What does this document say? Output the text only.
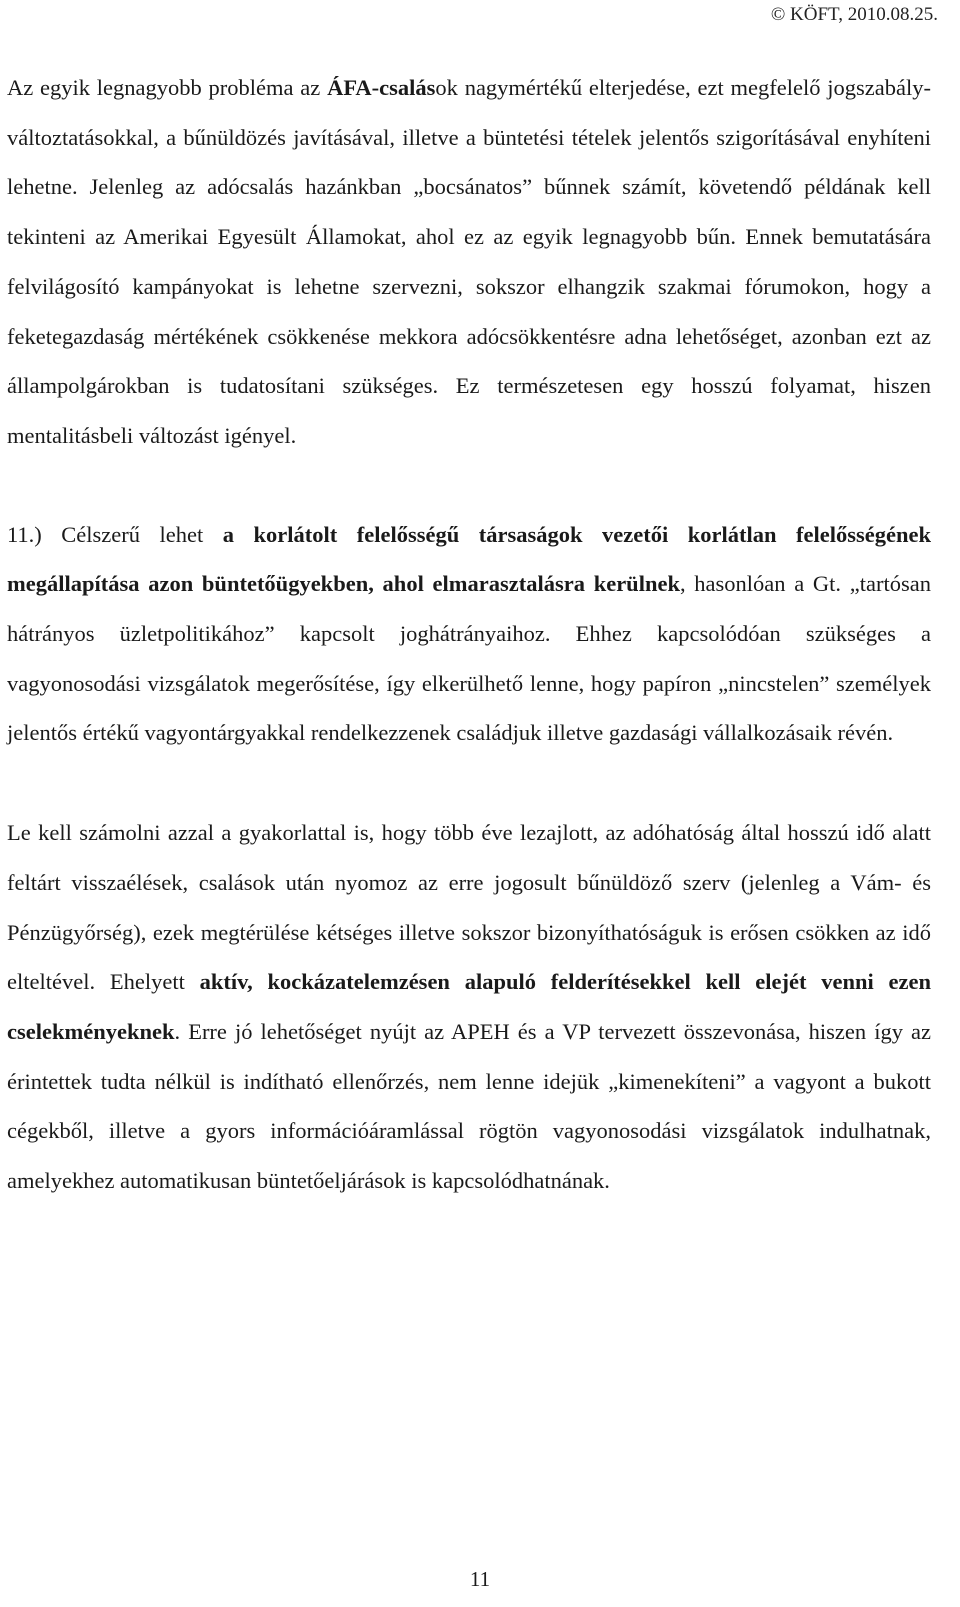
© KÖFT, 2010.08.25.

Az egyik legnagyobb probléma az ÁFA-csalások nagymértékű elterjedése, ezt megfelelő jogszabály-változtatásokkal, a bűnüldözés javításával, illetve a büntetési tételek jelentős szigorításával enyhíteni lehetne. Jelenleg az adócsalás hazánkban „bocsánatos” bűnnek számít, követendő példának kell tekinteni az Amerikai Egyesült Államokat, ahol ez az egyik legnagyobb bűn. Ennek bemutatására felvilágosító kampányokat is lehetne szervezni, sokszor elhangzik szakmai fórumokon, hogy a feketegazdaság mértékének csökkenése mekkora adócsökkentésre adna lehetőséget, azonban ezt az állampolgárokban is tudatosítani szükséges. Ez természetesen egy hosszú folyamat, hiszen mentalitásbeli változást igényel.

11.) Célszerű lehet a korlátolt felelősségű társaságok vezetői korlátlan felelősségének megállapítása azon büntetőügyekben, ahol elmarasztalásra kerülnek, hasonlóan a Gt. „tartósan hátrányos üzletpolitikához” kapcsolt joghátrányaihoz. Ehhez kapcsolódóan szükséges a vagyonosodási vizsgálatok megerősítése, így elkerülhető lenne, hogy papíron „nincstelen” személyek jelentős értékű vagyontárgyakkal rendelkezzenek családjuk illetve gazdasági vállalkozásaik révén.

Le kell számolni azzal a gyakorlattal is, hogy több éve lezajlott, az adóhatóság által hosszú idő alatt feltárt visszaélések, csalások után nyomoz az erre jogosult bűnüldöző szerv (jelenleg a Vám- és Pénzügyőrség), ezek megtérülése kétséges illetve sokszor bizonyíthatóságuk is erősen csökken az idő elteltével. Ehelyett aktív, kockázatelemzésen alapuló felderítésekkel kell elejét venni ezen cselekményeknek. Erre jó lehetőséget nyújt az APEH és a VP tervezett összevonása, hiszen így az érintettek tudta nélkül is indítható ellenőrzés, nem lenne idejük „kimenekíteni” a vagyont a bukott cégekből, illetve a gyors információáramlással rögtön vagyonosodási vizsgálatok indulhatnak, amelyekhez automatikusan büntetőeljárások is kapcsolódhatnának.

11
